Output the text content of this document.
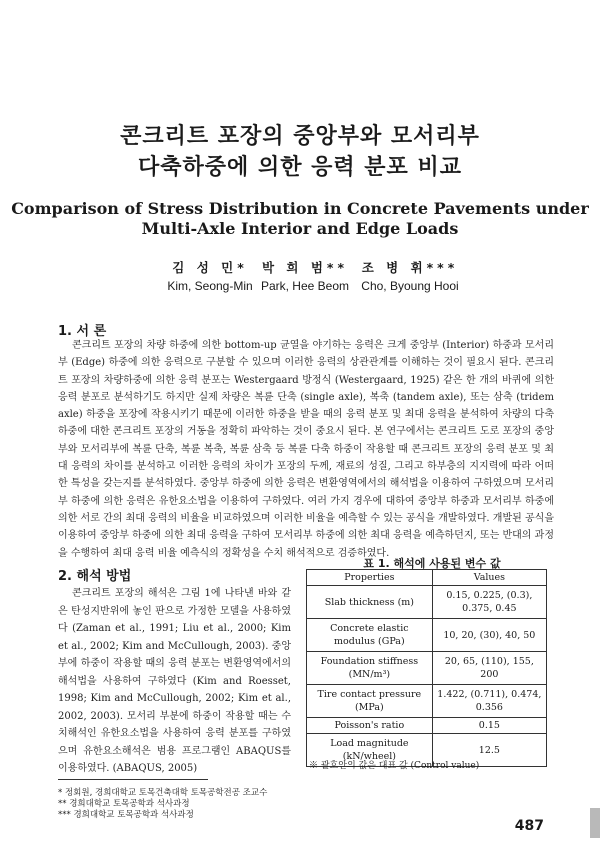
콘크리트 포장의 중앙부와 모서리부
다축하중에 의한 응력 분포 비교
Comparison of Stress Distribution in Concrete Pavements under
Multi-Axle Interior and Edge Loads
김 성 민*
Kim, Seong-Min
박 희 범**
Park, Hee Beom
조 병 휘***
Cho, Byoung Hooi
1. 서 론
콘크리트 포장의 차량 하중에 의한 bottom-up 균열을 야기하는 응력은 크게 중앙부 (Interior) 하중과 모서리부 (Edge) 하중에 의한 응력으로 구분할 수 있으며 이러한 응력의 상관관계를 이해하는 것이 필요시 된다. 콘크리트 포장의 차량하중에 의한 응력 분포는 Westergaard 방정식 (Westergaard, 1925) 같은 한 개의 바퀴에 의한 응력 분포로 분석하기도 하지만 실제 차량은 복륜 단축 (single axle), 복축 (tandem axle), 또는 삼축 (tridem axle) 하중을 포장에 작용시키기 때문에 이러한 하중을 받을 때의 응력 분포 및 최대 응력을 분석하여 차량의 다축 하중에 대한 콘크리트 포장의 거동을 정확히 파악하는 것이 중요시 된다. 본 연구에서는 콘크리트 도로 포장의 중앙부와 모서리부에 복륜 단축, 복륜 복축, 복륜 삼축 등 복륜 다축 하중이 작용할 때 콘크리트 포장의 응력 분포 및 최대 응력의 차이를 분석하고 이러한 응력의 차이가 포장의 두께, 재료의 성질, 그리고 하부층의 지지력에 따라 어떠한 특성을 갖는지를 분석하였다. 중앙부 하중에 의한 응력은 변환영역에서의 해석법을 이용하여 구하였으며 모서리부 하중에 의한 응력은 유한요소법을 이용하여 구하였다. 여러 가지 경우에 대하여 중앙부 하중과 모서리부 하중에 의한 서로 간의 최대 응력의 비율을 비교하였으며 이러한 비율을 예측할 수 있는 공식을 개발하였다. 개발된 공식을 이용하여 중앙부 하중에 의한 최대 응력을 구하여 모서리부 하중에 의한 최대 응력을 예측하던지, 또는 반대의 과정을 수행하여 최대 응력 비율 예측식의 정확성을 수치 해석적으로 검증하였다.
2. 해석 방법
콘크리트 포장의 해석은 그림 1에 나타낸 바와 같은 탄성지반위에 놓인 판으로 가정한 모델을 사용하였다 (Zaman et al., 1991; Liu et al., 2000; Kim et al., 2002; Kim and McCullough, 2003). 중앙부에 하중이 작용할 때의 응력 분포는 변환영역에서의 해석법을 사용하여 구하였다 (Kim and Roesset, 1998; Kim and McCullough, 2002; Kim et al., 2002, 2003). 모서리 부분에 하중이 작용할 때는 수치해석인 유한요소법을 사용하여 응력 분포를 구하였으며 유한요소해석은 범용 프로그램인 ABAQUS를 이용하였다. (ABAQUS, 2005)
표 1. 해석에 사용된 변수 값
Properties	Values
Slab thickness (m)	0.15, 0.225, (0.3), 0.375, 0.45
Concrete elastic modulus (GPa)	10, 20, (30), 40, 50
Foundation stiffness (MN/m³)	20, 65, (110), 155, 200
Tire contact pressure (MPa)	1.422, (0.711), 0.474, 0.356
Poisson's ratio	0.15
Load magnitude (kN/wheel)	12.5
※ 괄호안의 값은 대표 값 (Control value)
* 정회원, 경희대학교 토목건축대학 토목공학전공 조교수
** 경희대학교 토목공학과 석사과정
*** 경희대학교 토목공학과 석사과정
487
